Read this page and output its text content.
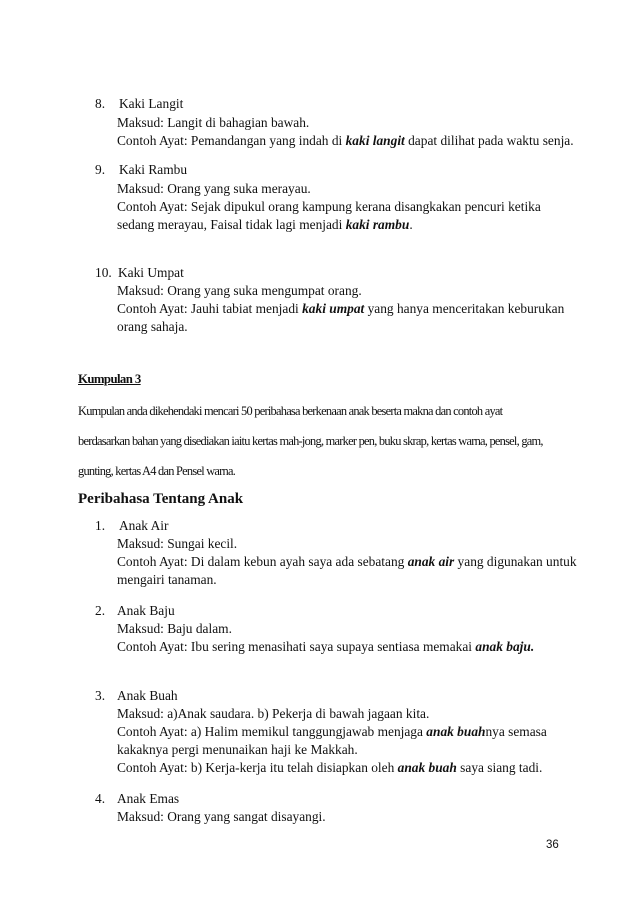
8. Kaki Langit
Maksud: Langit di bahagian bawah.
Contoh Ayat: Pemandangan yang indah di kaki langit dapat dilihat pada waktu senja.
9. Kaki Rambu
Maksud: Orang yang suka merayau.
Contoh Ayat: Sejak dipukul orang kampung kerana disangkakan pencuri ketika
sedang merayau, Faisal tidak lagi menjadi kaki rambu.
10. Kaki Umpat
Maksud: Orang yang suka mengumpat orang.
Contoh Ayat: Jauhi tabiat menjadi kaki umpat yang hanya menceritakan keburukan
orang sahaja.
Kumpulan 3
Kumpulan anda dikehendaki mencari 50 peribahasa berkenaan anak beserta makna dan contoh ayat
berdasarkan bahan yang disediakan iaitu kertas mah-jong, marker pen, buku skrap, kertas warna, pensel, gam,
gunting, kertas A4 dan Pensel warna.
Peribahasa Tentang Anak
1. Anak Air
Maksud: Sungai kecil.
Contoh Ayat: Di dalam kebun ayah saya ada sebatang anak air yang digunakan untuk
mengairi tanaman.
2. Anak Baju
Maksud: Baju dalam.
Contoh Ayat: Ibu sering menasihati saya supaya sentiasa memakai anak baju.
3. Anak Buah
Maksud: a)Anak saudara. b) Pekerja di bawah jagaan kita.
Contoh Ayat: a) Halim memikul tanggungjawab menjaga anak buahnya semasa
kakaknya pergi menunaikan haji ke Makkah.
Contoh Ayat: b) Kerja-kerja itu telah disiapkan oleh anak buah saya siang tadi.
4. Anak Emas
Maksud: Orang yang sangat disayangi.
36
